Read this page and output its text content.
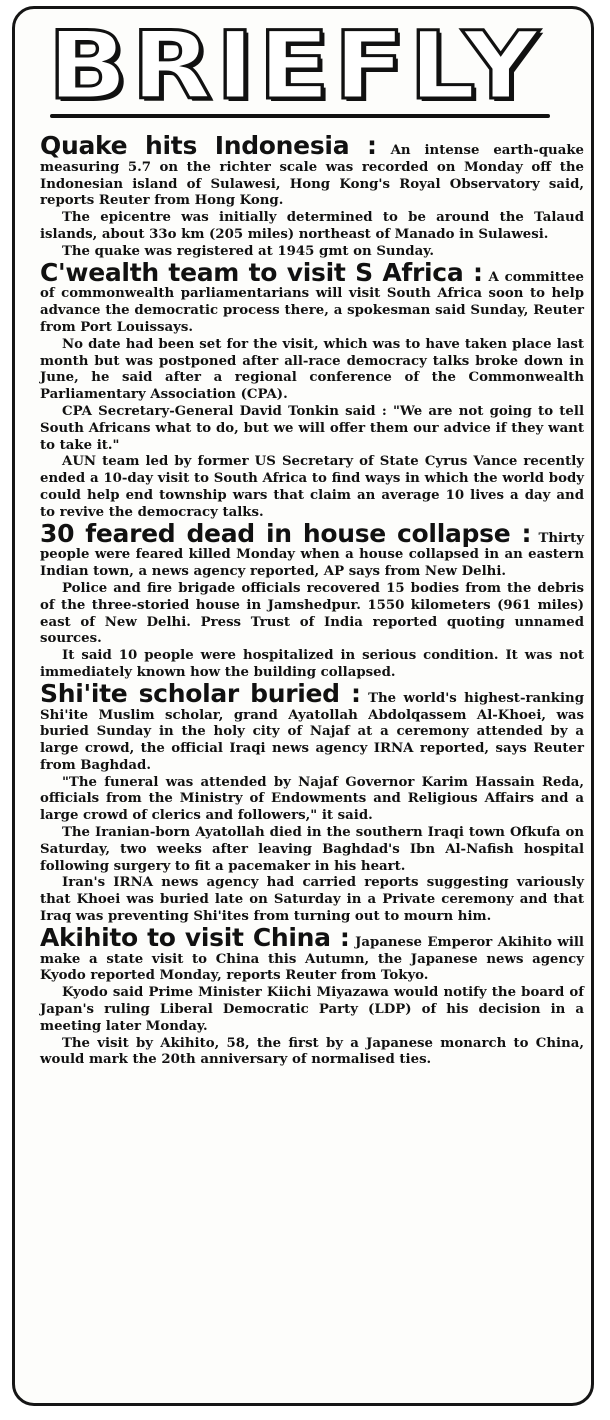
BRIEFLY

Quake hits Indonesia : An intense earth-quake measuring 5.7 on the richter scale was recorded on Monday off the Indonesian island of Sulawesi, Hong Kong's Royal Observatory said, reports Reuter from Hong Kong.

The epicentre was initially determined to be around the Talaud islands, about 33o km (205 miles) northeast of Manado in Sulawesi.

The quake was registered at 1945 gmt on Sunday.

C'wealth team to visit S Africa : A committee of commonwealth parliamentarians will visit South Africa soon to help advance the democratic process there, a spokesman said Sunday, Reuter from Port Louissays.

No date had been set for the visit, which was to have taken place last month but was postponed after all-race democracy talks broke down in June, he said after a regional conference of the Commonwealth Parliamentary Association (CPA).

CPA Secretary-General David Tonkin said : "We are not going to tell South Africans what to do, but we will offer them our advice if they want to take it."

AUN team led by former US Secretary of State Cyrus Vance recently ended a 10-day visit to South Africa to find ways in which the world body could help end township wars that claim an average 10 lives a day and to revive the democracy talks.

30 feared dead in house collapse : Thirty people were feared killed Monday when a house collapsed in an eastern Indian town, a news agency reported, AP says from New Delhi.

Police and fire brigade officials recovered 15 bodies from the debris of the three-storied house in Jamshedpur. 1550 kilometers (961 miles) east of New Delhi. Press Trust of India reported quoting unnamed sources.

It said 10 people were hospitalized in serious condition. It was not immediately known how the building collapsed.

Shi'ite scholar buried : The world's highest-ranking Shi'ite Muslim scholar, grand Ayatollah Abdolqassem Al-Khoei, was buried Sunday in the holy city of Najaf at a ceremony attended by a large crowd, the official Iraqi news agency IRNA reported, says Reuter from Baghdad.

"The funeral was attended by Najaf Governor Karim Hassain Reda, officials from the Ministry of Endowments and Religious Affairs and a large crowd of clerics and followers," it said.

The Iranian-born Ayatollah died in the southern Iraqi town Ofkufa on Saturday, two weeks after leaving Baghdad's Ibn Al-Nafish hospital following surgery to fit a pacemaker in his heart.

Iran's IRNA news agency had carried reports suggesting variously that Khoei was buried late on Saturday in a Private ceremony and that Iraq was preventing Shi'ites from turning out to mourn him.

Akihito to visit China : Japanese Emperor Akihito will make a state visit to China this Autumn, the Japanese news agency Kyodo reported Monday, reports Reuter from Tokyo.

Kyodo said Prime Minister Kiichi Miyazawa would notify the board of Japan's ruling Liberal Democratic Party (LDP) of his decision in a meeting later Monday.

The visit by Akihito, 58, the first by a Japanese monarch to China, would mark the 20th anniversary of normalised ties.
